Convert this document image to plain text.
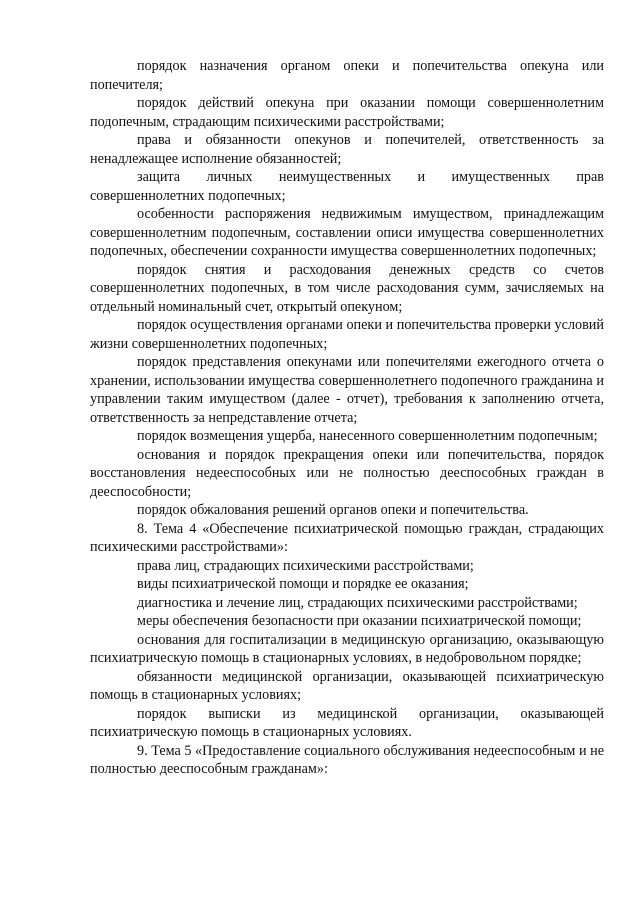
порядок назначения органом опеки и попечительства опекуна или попечителя;

порядок действий опекуна при оказании помощи совершеннолетним подопечным, страдающим психическими расстройствами;

права и обязанности опекунов и попечителей, ответственность за ненадлежащее исполнение обязанностей;

защита личных неимущественных и имущественных прав совершеннолетних подопечных;

особенности распоряжения недвижимым имуществом, принадлежащим совершеннолетним подопечным, составлении описи имущества совершеннолетних подопечных, обеспечении сохранности имущества совершеннолетних подопечных;

порядок снятия и расходования денежных средств со счетов совершеннолетних подопечных, в том числе расходования сумм, зачисляемых на отдельный номинальный счет, открытый опекуном;

порядок осуществления органами опеки и попечительства проверки условий жизни совершеннолетних подопечных;

порядок представления опекунами или попечителями ежегодного отчета о хранении, использовании имущества совершеннолетнего подопечного гражданина и управлении таким имуществом (далее - отчет), требования к заполнению отчета, ответственность за непредставление отчета;

порядок возмещения ущерба, нанесенного совершеннолетним подопечным;

основания и порядок прекращения опеки или попечительства, порядок восстановления недееспособных или не полностью дееспособных граждан в дееспособности;

порядок обжалования решений органов опеки и попечительства.

8. Тема 4 «Обеспечение психиатрической помощью граждан, страдающих психическими расстройствами»:

права лиц, страдающих психическими расстройствами;

виды психиатрической помощи и порядке ее оказания;

диагностика и лечение лиц, страдающих психическими расстройствами;

меры обеспечения безопасности при оказании психиатрической помощи;

основания для госпитализации в медицинскую организацию, оказывающую психиатрическую помощь в стационарных условиях, в недобровольном порядке;

обязанности медицинской организации, оказывающей психиатрическую помощь в стационарных условиях;

порядок выписки из медицинской организации, оказывающей психиатрическую помощь в стационарных условиях.

9. Тема 5 «Предоставление социального обслуживания недееспособным и не полностью дееспособным гражданам»:
